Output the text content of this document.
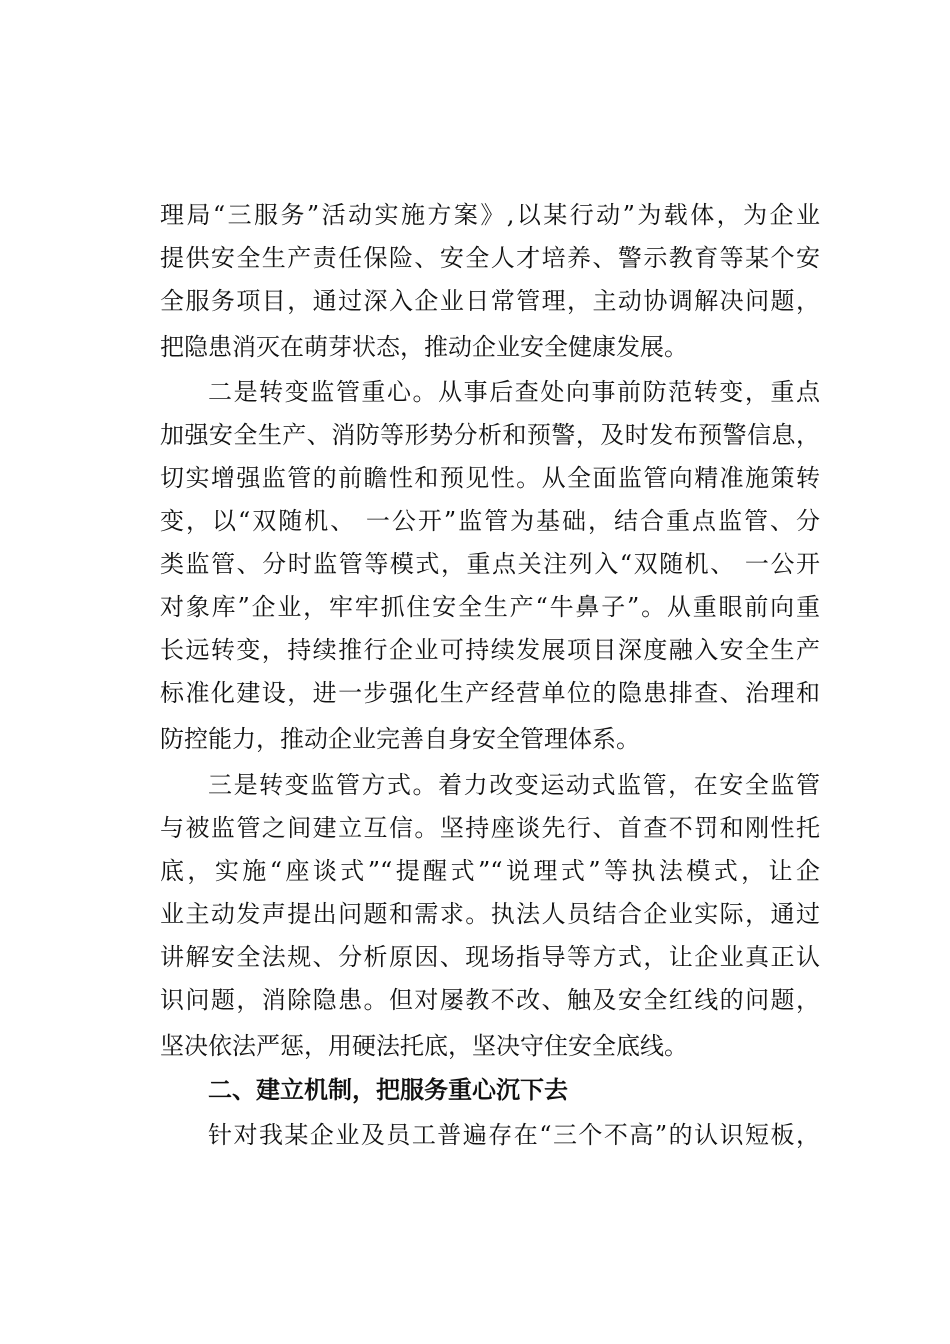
理局“三服务”活动实施方案》,以某行动”为载体，为企业
提供安全生产责任保险、安全人才培养、警示教育等某个安
全服务项目，通过深入企业日常管理，主动协调解决问题，
把隐患消灭在萌芽状态，推动企业安全健康发展。
二是转变监管重心。从事后查处向事前防范转变，重点
加强安全生产、消防等形势分析和预警，及时发布预警信息，
切实增强监管的前瞻性和预见性。从全面监管向精准施策转
变，以“双随机、 一公开”监管为基础，结合重点监管、分
类监管、分时监管等模式，重点关注列入“双随机、 一公开
对象库”企业，牢牢抓住安全生产“牛鼻子”。从重眼前向重
长远转变，持续推行企业可持续发展项目深度融入安全生产
标准化建设，进一步强化生产经营单位的隐患排查、治理和
防控能力，推动企业完善自身安全管理体系。
三是转变监管方式。着力改变运动式监管，在安全监管
与被监管之间建立互信。坚持座谈先行、首查不罚和刚性托
底，实施“座谈式”“提醒式”“说理式”等执法模式，让企
业主动发声提出问题和需求。执法人员结合企业实际，通过
讲解安全法规、分析原因、现场指导等方式，让企业真正认
识问题，消除隐患。但对屡教不改、触及安全红线的问题，
坚决依法严惩，用硬法托底，坚决守住安全底线。
二、建立机制，把服务重心沉下去
针对我某企业及员工普遍存在“三个不高”的认识短板，
